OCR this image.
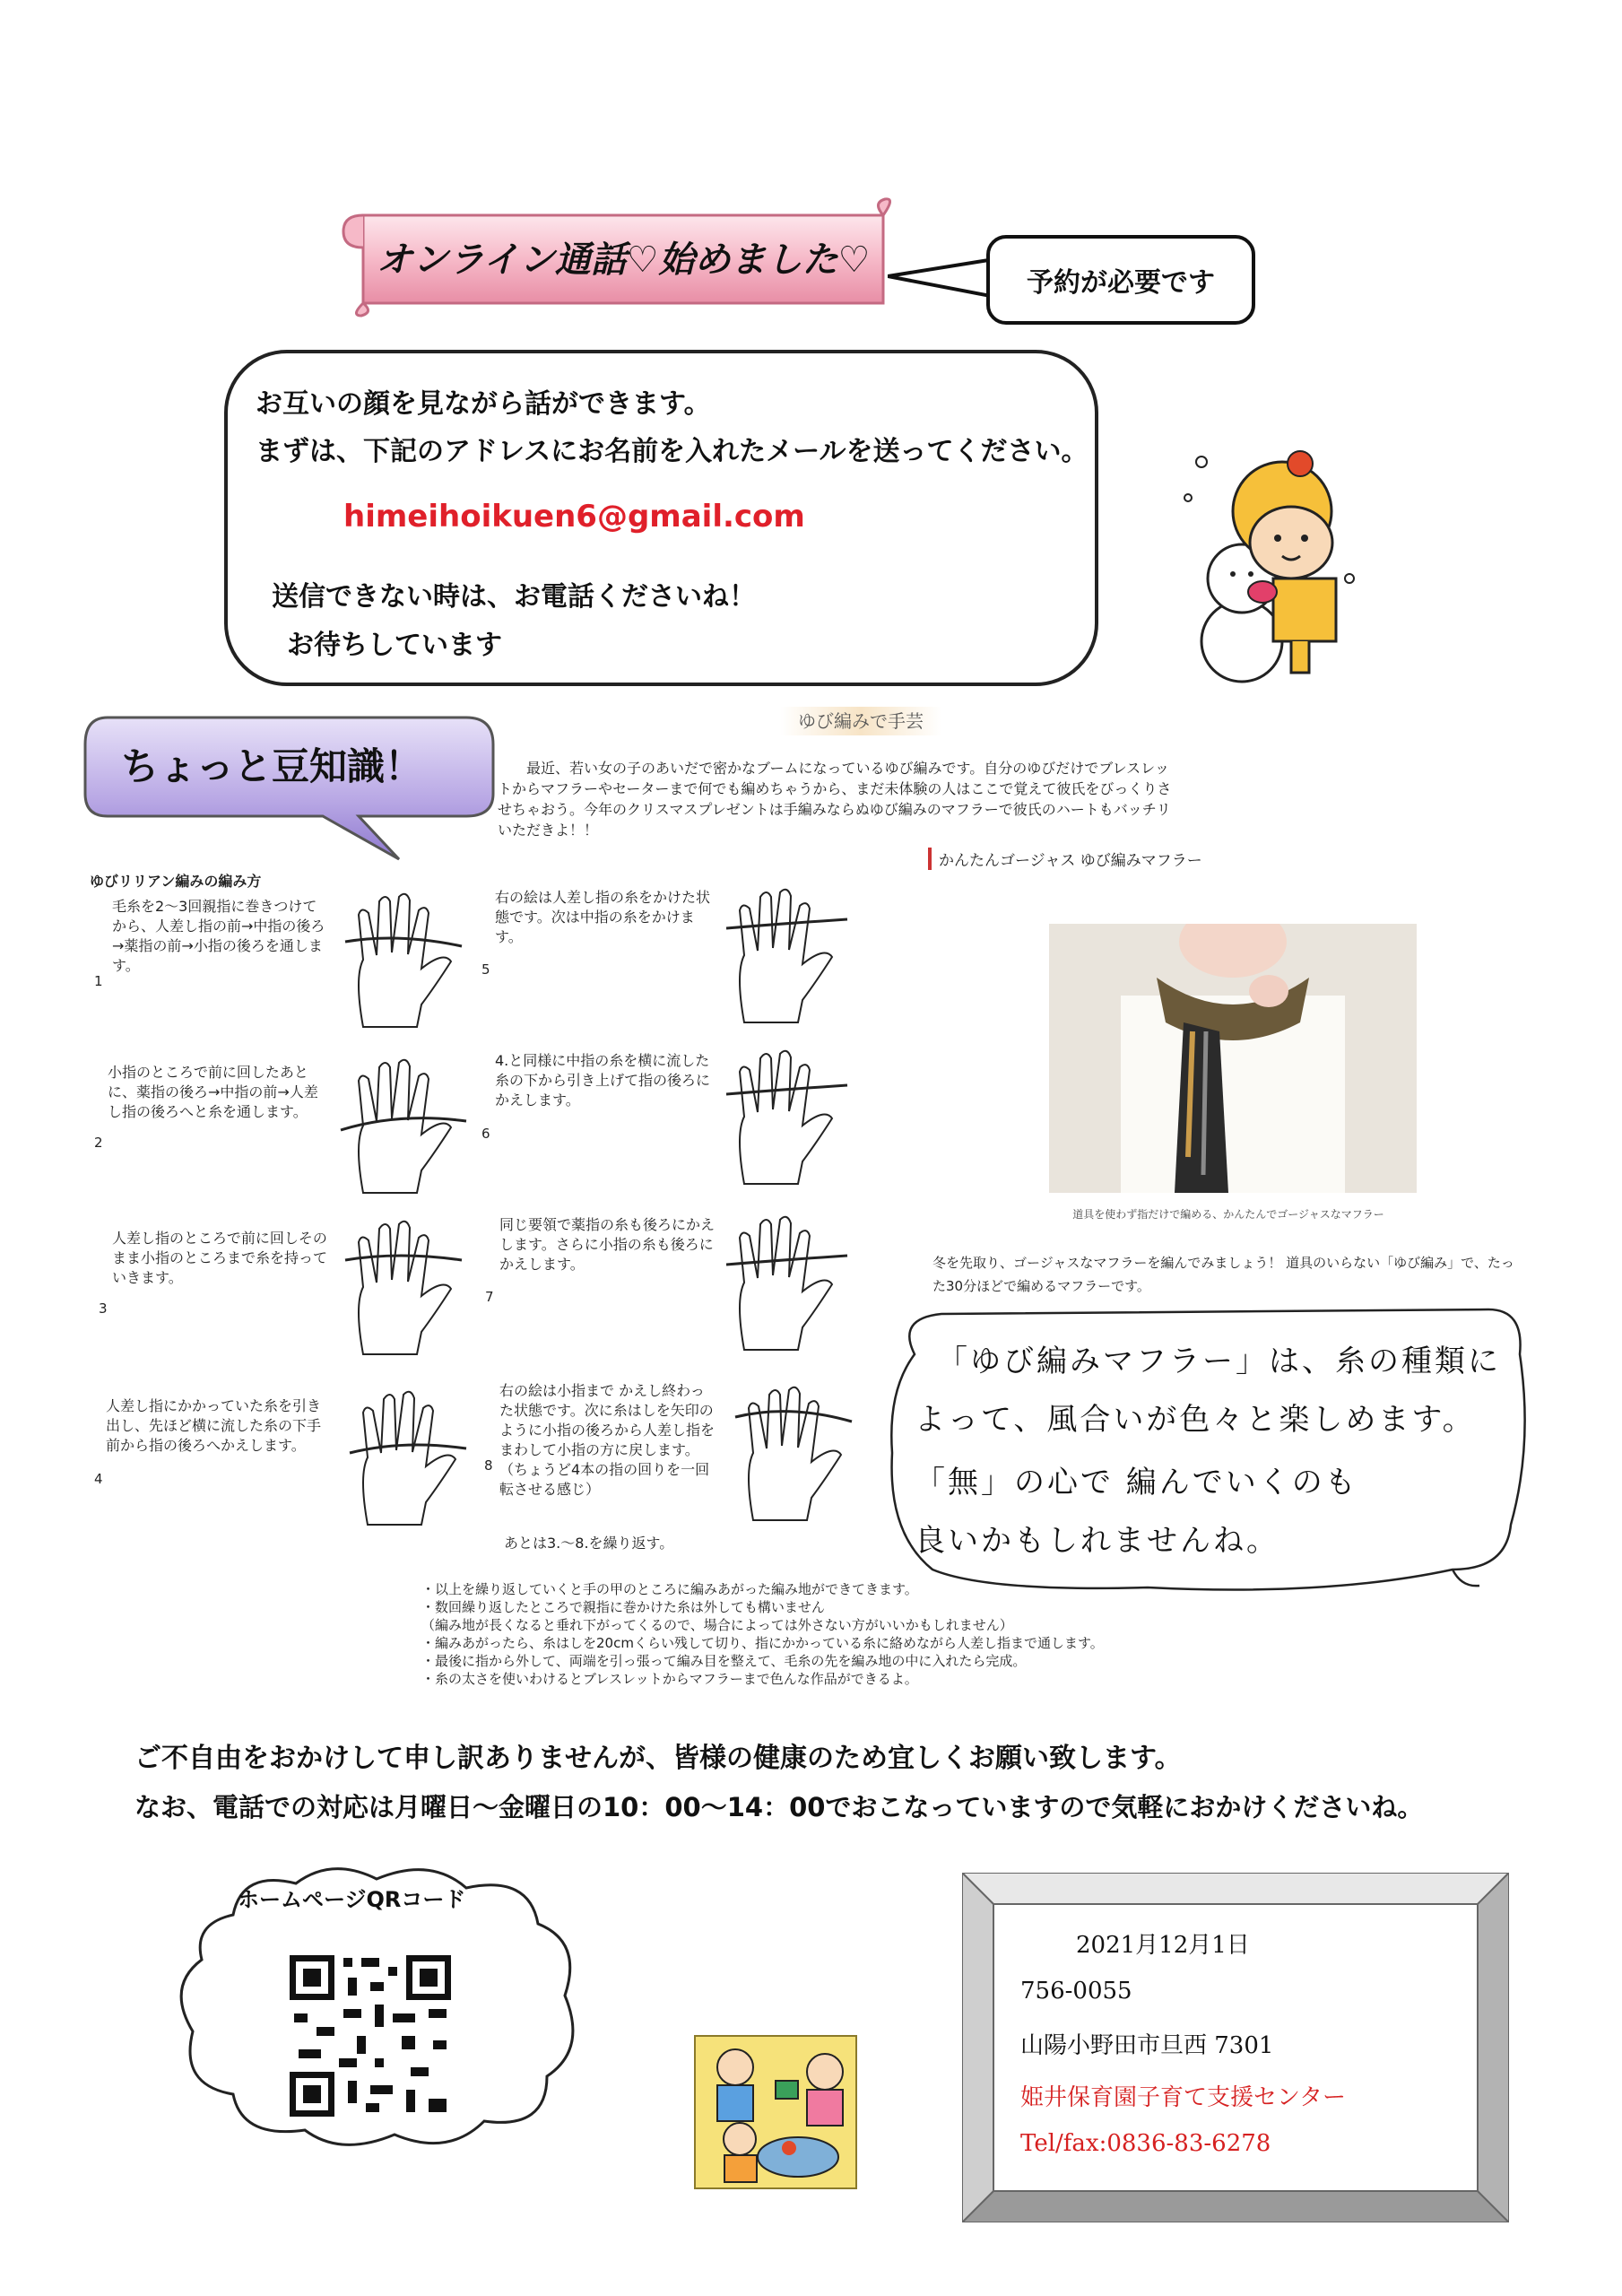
オンライン通話♡始めました♡
予約が必要です
お互いの顔を見ながら話ができます。
まずは、下記のアドレスにお名前を入れたメールを送ってください。
himeihoikuen6@gmail.com
送信できない時は、お電話くださいね！
お待ちしています
ちょっと豆知識！
ゆび編みで手芸
最近、若い女の子のあいだで密かなブームになっているゆび編みです。自分のゆびだけでブレスレットからマフラーやセーターまで何でも編めちゃうから、まだ未体験の人はここで覚えて彼氏をびっくりさせちゃおう。今年のクリスマスプレゼントは手編みならぬゆび編みのマフラーで彼氏のハートもバッチリいただきよ！！
ゆびリリアン編みの編み方
毛糸を2〜3回親指に巻きつけてから、人差し指の前→中指の後ろ→薬指の前→小指の後ろを通します。
1
小指のところで前に回したあとに、薬指の後ろ→中指の前→人差し指の後ろへと糸を通します。
2
人差し指のところで前に回しそのまま小指のところまで糸を持っていきます。
3
人差し指にかかっていた糸を引き出し、先ほど横に流した糸の下手前から指の後ろへかえします。
4
右の絵は人差し指の糸をかけた状態です。次は中指の糸をかけます。
5
4.と同様に中指の糸を横に流した糸の下から引き上げて指の後ろにかえします。
6
同じ要領で薬指の糸も後ろにかえします。さらに小指の糸も後ろにかえします。
7
右の絵は小指まで かえし終わった状態です。次に糸はしを矢印のように小指の後ろから人差し指を まわして小指の方に戻します。（ちょうど4本の指の回りを一回転させる感じ）
8
あとは3.〜8.を繰り返す。
かんたんゴージャス ゆび編みマフラー
道具を使わず指だけで編める、かんたんでゴージャスなマフラー
冬を先取り、ゴージャスなマフラーを編んでみましょう！ 道具のいらない「ゆび編み」で、たった30分ほどで編めるマフラーです。
「ゆび編みマフラー」は、糸の種類に
よって、風合いが色々と楽しめます。
「無」の心で 編んでいくのも
良いかもしれませんね。
・以上を繰り返していくと手の甲のところに編みあがった編み地ができてきます。
・数回繰り返したところで親指に巻かけた糸は外しても構いません
（編み地が長くなると垂れ下がってくるので、場合によっては外さない方がいいかもしれません）
・編みあがったら、糸はしを20cmくらい残して切り、指にかかっている糸に絡めながら人差し指まで通します。
・最後に指から外して、両端を引っ張って編み目を整えて、毛糸の先を編み地の中に入れたら完成。
・糸の太さを使いわけるとブレスレットからマフラーまで色んな作品ができるよ。
ご不自由をおかけして申し訳ありませんが、皆様の健康のため宜しくお願い致します。
なお、電話での対応は月曜日〜金曜日の10：00〜14：00でおこなっていますので気軽におかけくださいね。
ホームページQRコード
2021月12月1日
756-0055
山陽小野田市旦西 7301
姫井保育園子育て支援センター
Tel/fax:0836-83-6278
